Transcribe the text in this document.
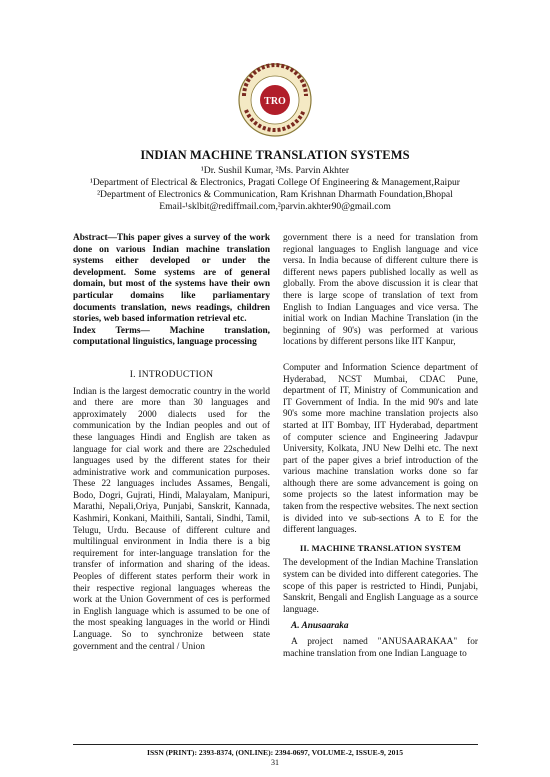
TRO
INDIAN MACHINE TRANSLATION SYSTEMS
¹Dr. Sushil Kumar, ²Ms. Parvin Akhter
¹Department of Electrical & Electronics, Pragati College Of Engineering & Management,Raipur
²Department of Electronics & Communication, Ram Krishnan Dharmath Foundation,Bhopal
Email-¹sklbit@rediffmail.com,²parvin.akhter90@gmail.com

Abstract—This paper gives a survey of the work done on various Indian machine translation systems either developed or under the development. Some systems are of general domain, but most of the systems have their own particular domains like parliamentary documents translation, news readings, children stories, web based information retrieval etc.

Index Terms— Machine translation, computational linguistics, language processing

I. INTRODUCTION

Indian is the largest democratic country in the world and there are more than 30 languages and approximately 2000 dialects used for the communication by the Indian peoples and out of these languages Hindi and English are taken as language for cial work and there are 22scheduled languages used by the different states for their administrative work and communication purposes. These 22 languages includes Assames, Bengali, Bodo, Dogri, Gujrati, Hindi, Malayalam, Manipuri, Marathi, Nepali,Oriya, Punjabi, Sanskrit, Kannada, Kashmiri, Konkani, Maithili, Santali, Sindhi, Tamil, Telugu, Urdu. Because of different culture and multilingual environment in India there is a big requirement for inter-language translation for the transfer of information and sharing of the ideas. Peoples of different states perform their work in their respective regional languages whereas the work at the Union Government of ces is performed in English language which is assumed to be one of the most speaking languages in the world or Hindi Language. So to synchronize between state government and the central / Union

government there is a need for translation from regional languages to English language and vice versa. In India because of different culture there is different news papers published locally as well as globally. From the above discussion it is clear that there is large scope of translation of text from English to Indian Languages and vice versa. The initial work on Indian Machine Translation (in the beginning of 90's) was performed at various locations by different persons like IIT Kanpur,

Computer and Information Science department of Hyderabad, NCST Mumbai, CDAC Pune, department of IT, Ministry of Communication and IT Government of India. In the mid 90's and late 90's some more machine translation projects also started at IIT Bombay, IIT Hyderabad, department of computer science and Engineering Jadavpur University, Kolkata, JNU New Delhi etc. The next part of the paper gives a brief introduction of the various machine translation works done so far although there are some advancement is going on some projects so the latest information may be taken from the respective websites. The next section is divided into ve sub-sections A to E for the different languages.

II. MACHINE TRANSLATION SYSTEM

The development of the Indian Machine Translation system can be divided into different categories. The scope of this paper is restricted to Hindi, Punjabi, Sanskrit, Bengali and English Language as a source language.

A. Anusaaraka

A project named "ANUSAARAKAA" for machine translation from one Indian Language to

ISSN (PRINT): 2393-8374, (ONLINE): 2394-0697, VOLUME-2, ISSUE-9, 2015
31
